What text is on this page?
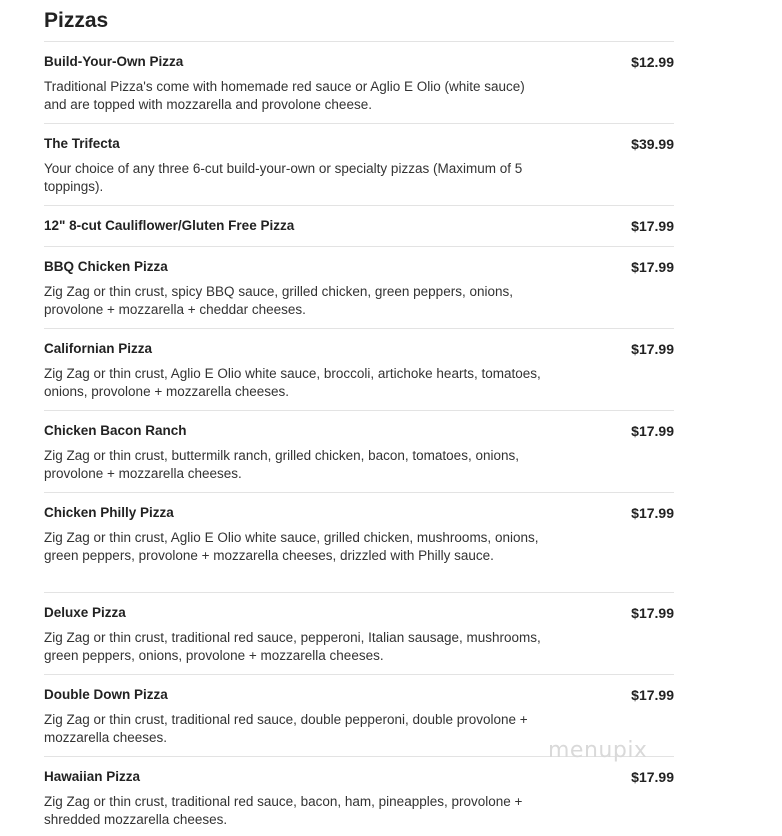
Pizzas
Build-Your-Own Pizza
Traditional Pizza's come with homemade red sauce or Aglio E Olio (white sauce) and are topped with mozzarella and provolone cheese.
$12.99
The Trifecta
Your choice of any three 6-cut build-your-own or specialty pizzas (Maximum of 5 toppings).
$39.99
12" 8-cut Cauliflower/Gluten Free Pizza	$17.99
BBQ Chicken Pizza
Zig Zag or thin crust, spicy BBQ sauce, grilled chicken, green peppers, onions, provolone + mozzarella + cheddar cheeses.
$17.99
Californian Pizza
Zig Zag or thin crust, Aglio E Olio white sauce, broccoli, artichoke hearts, tomatoes, onions, provolone + mozzarella cheeses.
$17.99
Chicken Bacon Ranch
Zig Zag or thin crust, buttermilk ranch, grilled chicken, bacon, tomatoes, onions, provolone + mozzarella cheeses.
$17.99
Chicken Philly Pizza
Zig Zag or thin crust, Aglio E Olio white sauce, grilled chicken, mushrooms, onions, green peppers, provolone + mozzarella cheeses, drizzled with Philly sauce.
$17.99
Deluxe Pizza
Zig Zag or thin crust, traditional red sauce, pepperoni, Italian sausage, mushrooms, green peppers, onions, provolone + mozzarella cheeses.
$17.99
Double Down Pizza
Zig Zag or thin crust, traditional red sauce, double pepperoni, double provolone + mozzarella cheeses.
$17.99
Hawaiian Pizza
Zig Zag or thin crust, traditional red sauce, bacon, ham, pineapples, provolone + shredded mozzarella cheeses.
$17.99
menupix
